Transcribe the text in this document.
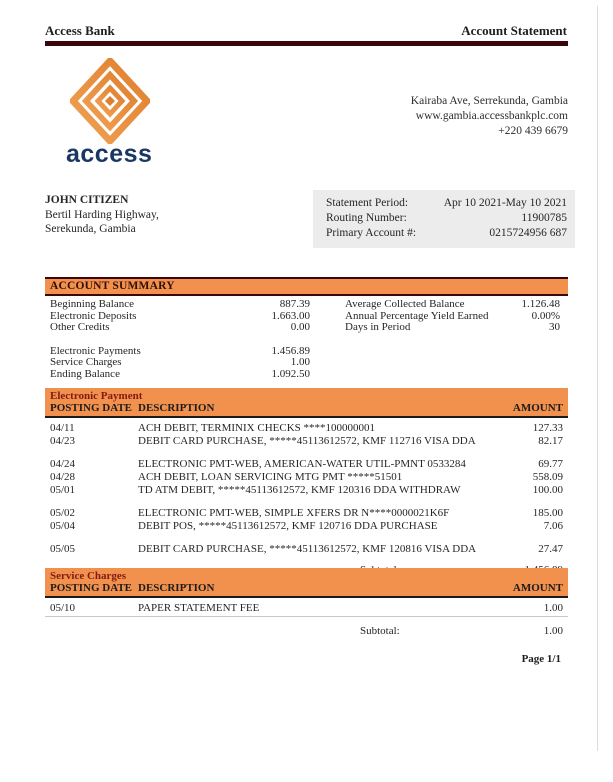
Access Bank	Account Statement
access
Kairaba Ave, Serrekunda, Gambia
www.gambia.accessbankplc.com
+220 439 6679
JOHN CITIZEN
Bertil Harding Highway,
Serekunda, Gambia
Statement Period:	Apr 10 2021-May 10 2021
Routing Number:	11900785
Primary Account #:	0215724956 687
ACCOUNT SUMMARY
Beginning Balance	887.39
Electronic Deposits	1.663.00
Other Credits	0.00
Electronic Payments	1.456.89
Service Charges	1.00
Ending Balance	1.092.50
Average Collected Balance	1.126.48
Annual Percentage Yield Earned	0.00%
Days in Period	30
Electronic Payment
POSTING DATE DESCRIPTION	AMOUNT
04/11	ACH DEBIT, TERMINIX CHECKS ****100000001	127.33
04/23	DEBIT CARD PURCHASE, *****45113612572, KMF 112716 VISA DDA	82.17
04/24	ELECTRONIC PMT-WEB, AMERICAN-WATER UTIL-PMNT 0533284	69.77
04/28	ACH DEBIT, LOAN SERVICING MTG PMT *****51501	558.09
05/01	TD ATM DEBIT, *****45113612572, KMF 120316 DDA WITHDRAW	100.00
05/02	ELECTRONIC PMT-WEB, SIMPLE XFERS DR N****0000021K6F	185.00
05/04	DEBIT POS, *****45113612572, KMF 120716 DDA PURCHASE	7.06
05/05	DEBIT CARD PURCHASE, *****45113612572, KMF 120816 VISA DDA	27.47
Service Charges
POSTING DATE DESCRIPTION	AMOUNT
05/10	PAPER STATEMENT FEE	1.00
Subtotal:	1.00
Page 1/1
